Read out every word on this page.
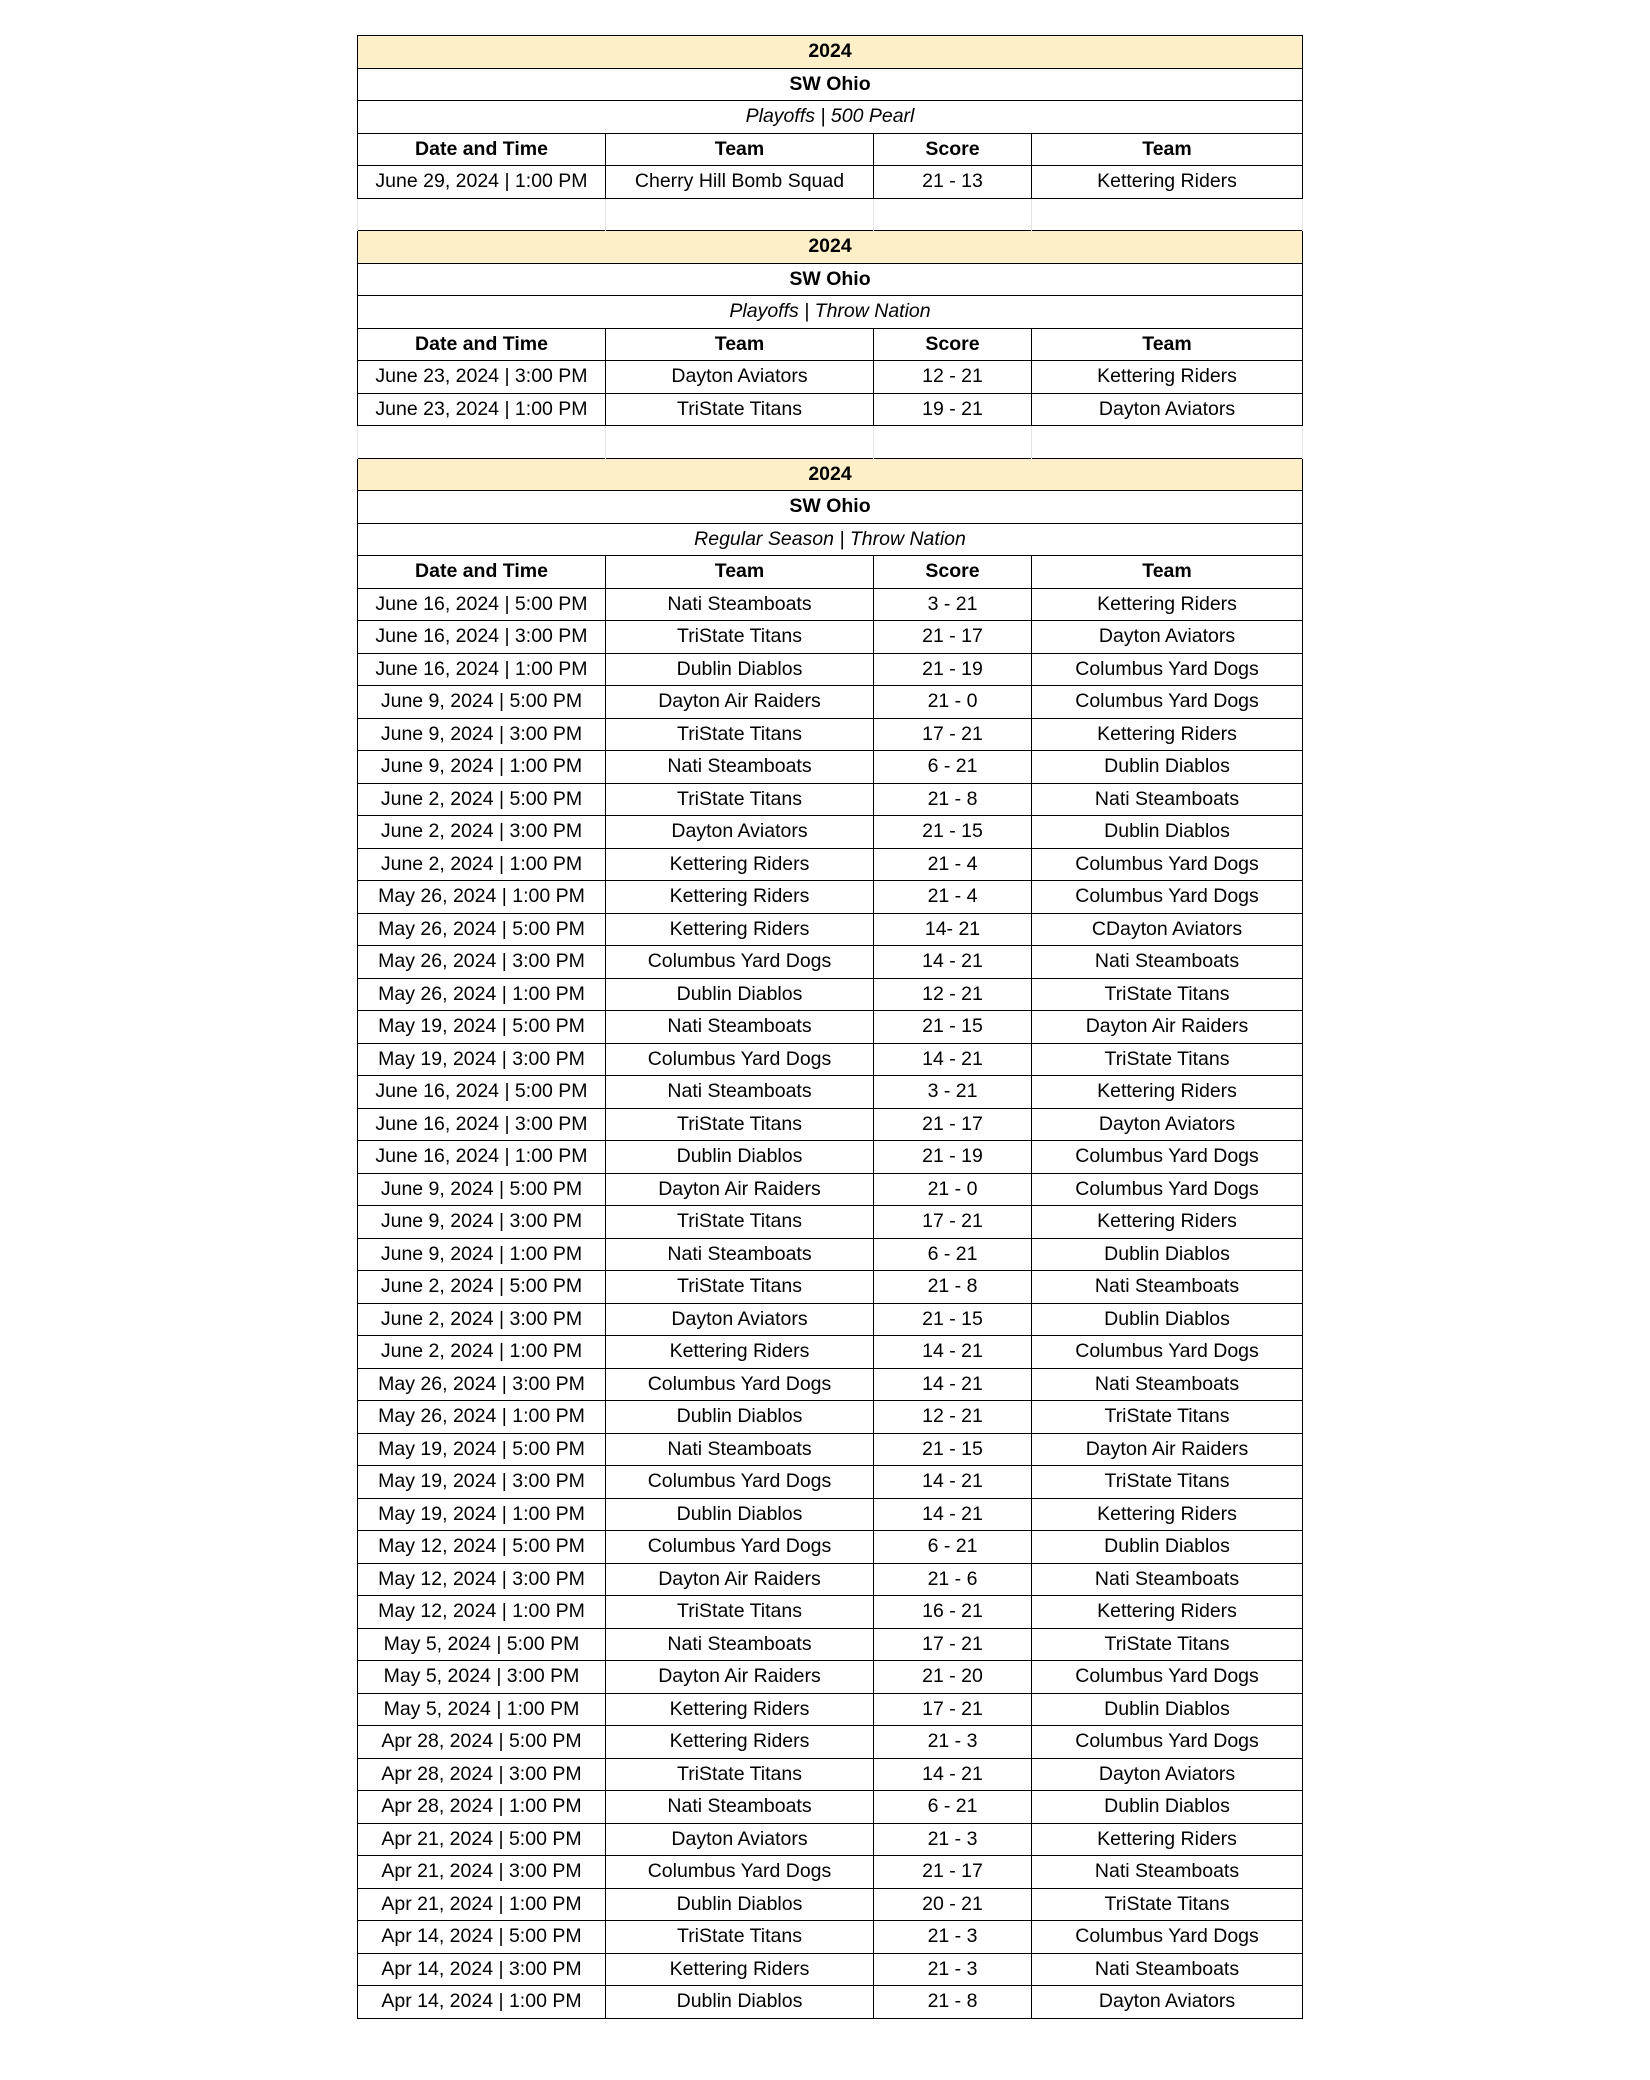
2024			
SW Ohio			
Playoffs | 500 Pearl			
Date and Time	Team	Score	Team
June 29, 2024 | 1:00 PM	Cherry Hill Bomb Squad	21 - 13	Kettering Riders

2024			
SW Ohio			
Playoffs | Throw Nation			
Date and Time	Team	Score	Team
June 23, 2024 | 3:00 PM	Dayton Aviators	12 - 21	Kettering Riders
June 23, 2024 | 1:00 PM	TriState Titans	19 - 21	Dayton Aviators

2024			
SW Ohio			
Regular Season | Throw Nation			
Date and Time	Team	Score	Team
June 16, 2024 | 5:00 PM	Nati Steamboats	3 - 21	Kettering Riders
June 16, 2024 | 3:00 PM	TriState Titans	21 - 17	Dayton Aviators
June 16, 2024 | 1:00 PM	Dublin Diablos	21 - 19	Columbus Yard Dogs
June 9, 2024 | 5:00 PM	Dayton Air Raiders	21 - 0	Columbus Yard Dogs
June 9, 2024 | 3:00 PM	TriState Titans	17 - 21	Kettering Riders
June 9, 2024 | 1:00 PM	Nati Steamboats	6 - 21	Dublin Diablos
June 2, 2024 | 5:00 PM	TriState Titans	21 - 8	Nati Steamboats
June 2, 2024 | 3:00 PM	Dayton Aviators	21 - 15	Dublin Diablos
June 2, 2024 | 1:00 PM	Kettering Riders	21 - 4	Columbus Yard Dogs
May 26, 2024 | 1:00 PM	Kettering Riders	21 - 4	Columbus Yard Dogs
May 26, 2024 | 5:00 PM	Kettering Riders	14- 21	CDayton Aviators
May 26, 2024 | 3:00 PM	Columbus Yard Dogs	14 - 21	Nati Steamboats
May 26, 2024 | 1:00 PM	Dublin Diablos	12 - 21	TriState Titans
May 19, 2024 | 5:00 PM	Nati Steamboats	21 - 15	Dayton Air Raiders
May 19, 2024 | 3:00 PM	Columbus Yard Dogs	14 - 21	TriState Titans
June 16, 2024 | 5:00 PM	Nati Steamboats	3 - 21	Kettering Riders
June 16, 2024 | 3:00 PM	TriState Titans	21 - 17	Dayton Aviators
June 16, 2024 | 1:00 PM	Dublin Diablos	21 - 19	Columbus Yard Dogs
June 9, 2024 | 5:00 PM	Dayton Air Raiders	21 - 0	Columbus Yard Dogs
June 9, 2024 | 3:00 PM	TriState Titans	17 - 21	Kettering Riders
June 9, 2024 | 1:00 PM	Nati Steamboats	6 - 21	Dublin Diablos
June 2, 2024 | 5:00 PM	TriState Titans	21 - 8	Nati Steamboats
June 2, 2024 | 3:00 PM	Dayton Aviators	21 - 15	Dublin Diablos
June 2, 2024 | 1:00 PM	Kettering Riders	14 - 21	Columbus Yard Dogs
May 26, 2024 | 3:00 PM	Columbus Yard Dogs	14 - 21	Nati Steamboats
May 26, 2024 | 1:00 PM	Dublin Diablos	12 - 21	TriState Titans
May 19, 2024 | 5:00 PM	Nati Steamboats	21 - 15	Dayton Air Raiders
May 19, 2024 | 3:00 PM	Columbus Yard Dogs	14 - 21	TriState Titans
May 19, 2024 | 1:00 PM	Dublin Diablos	14 - 21	Kettering Riders
May 12, 2024 | 5:00 PM	Columbus Yard Dogs	6 - 21	Dublin Diablos
May 12, 2024 | 3:00 PM	Dayton Air Raiders	21 - 6	Nati Steamboats
May 12, 2024 | 1:00 PM	TriState Titans	16 - 21	Kettering Riders
May 5, 2024 | 5:00 PM	Nati Steamboats	17 - 21	TriState Titans
May 5, 2024 | 3:00 PM	Dayton Air Raiders	21 - 20	Columbus Yard Dogs
May 5, 2024 | 1:00 PM	Kettering Riders	17 - 21	Dublin Diablos
Apr 28, 2024 | 5:00 PM	Kettering Riders	21 - 3	Columbus Yard Dogs
Apr 28, 2024 | 3:00 PM	TriState Titans	14 - 21	Dayton Aviators
Apr 28, 2024 | 1:00 PM	Nati Steamboats	6 - 21	Dublin Diablos
Apr 21, 2024 | 5:00 PM	Dayton Aviators	21 - 3	Kettering Riders
Apr 21, 2024 | 3:00 PM	Columbus Yard Dogs	21 - 17	Nati Steamboats
Apr 21, 2024 | 1:00 PM	Dublin Diablos	20 - 21	TriState Titans
Apr 14, 2024 | 5:00 PM	TriState Titans	21 - 3	Columbus Yard Dogs
Apr 14, 2024 | 3:00 PM	Kettering Riders	21 - 3	Nati Steamboats
Apr 14, 2024 | 1:00 PM	Dublin Diablos	21 - 8	Dayton Aviators
